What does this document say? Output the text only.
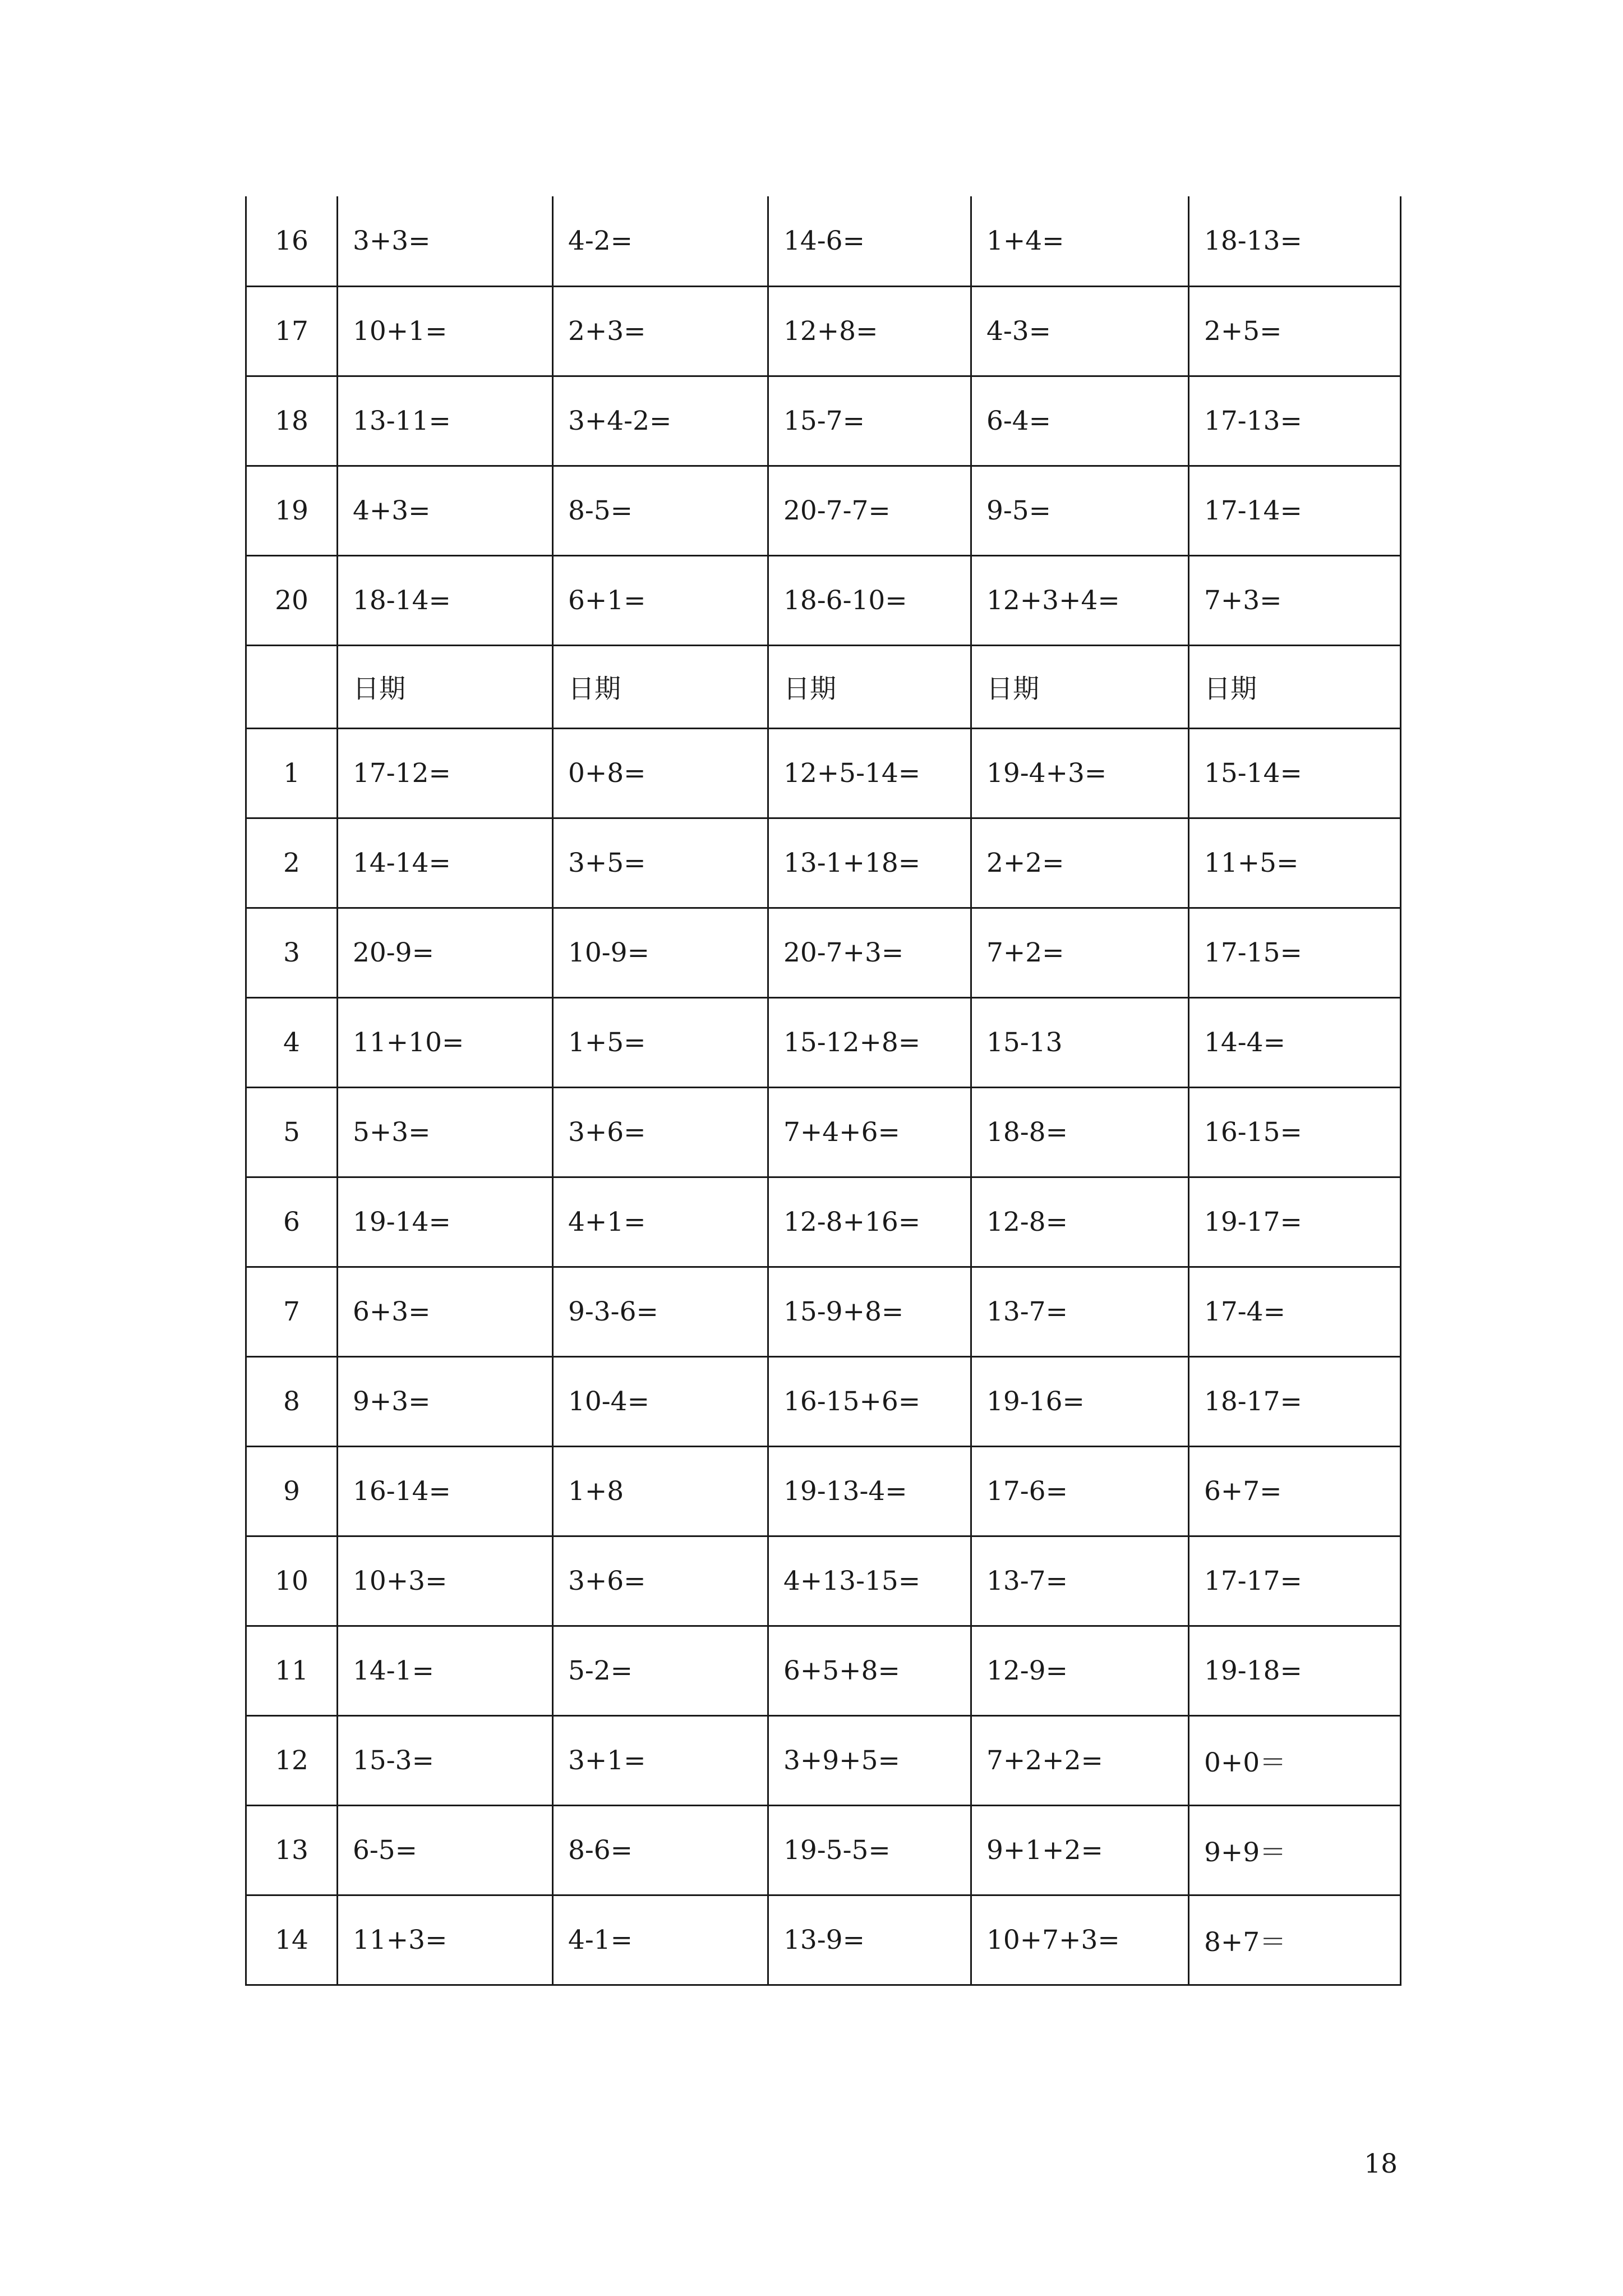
16	3+3=	4-2=	14-6=	1+4=	18-13=
17	10+1=	2+3=	12+8=	4-3=	2+5=
18	13-11=	3+4-2=	15-7=	6-4=	17-13=
19	4+3=	8-5=	20-7-7=	9-5=	17-14=
20	18-14=	6+1=	18-6-10=	12+3+4=	7+3=
	日期	日期	日期	日期	日期
1	17-12=	0+8=	12+5-14=	19-4+3=	15-14=
2	14-14=	3+5=	13-1+18=	2+2=	11+5=
3	20-9=	10-9=	20-7+3=	7+2=	17-15=
4	11+10=	1+5=	15-12+8=	15-13	14-4=
5	5+3=	3+6=	7+4+6=	18-8=	16-15=
6	19-14=	4+1=	12-8+16=	12-8=	19-17=
7	6+3=	9-3-6=	15-9+8=	13-7=	17-4=
8	9+3=	10-4=	16-15+6=	19-16=	18-17=
9	16-14=	1+8	19-13-4=	17-6=	6+7=
10	10+3=	3+6=	4+13-15=	13-7=	17-17=
11	14-1=	5-2=	6+5+8=	12-9=	19-18=
12	15-3=	3+1=	3+9+5=	7+2+2=	0+0＝
13	6-5=	8-6=	19-5-5=	9+1+2=	9+9＝
14	11+3=	4-1=	13-9=	10+7+3=	8+7＝
18
